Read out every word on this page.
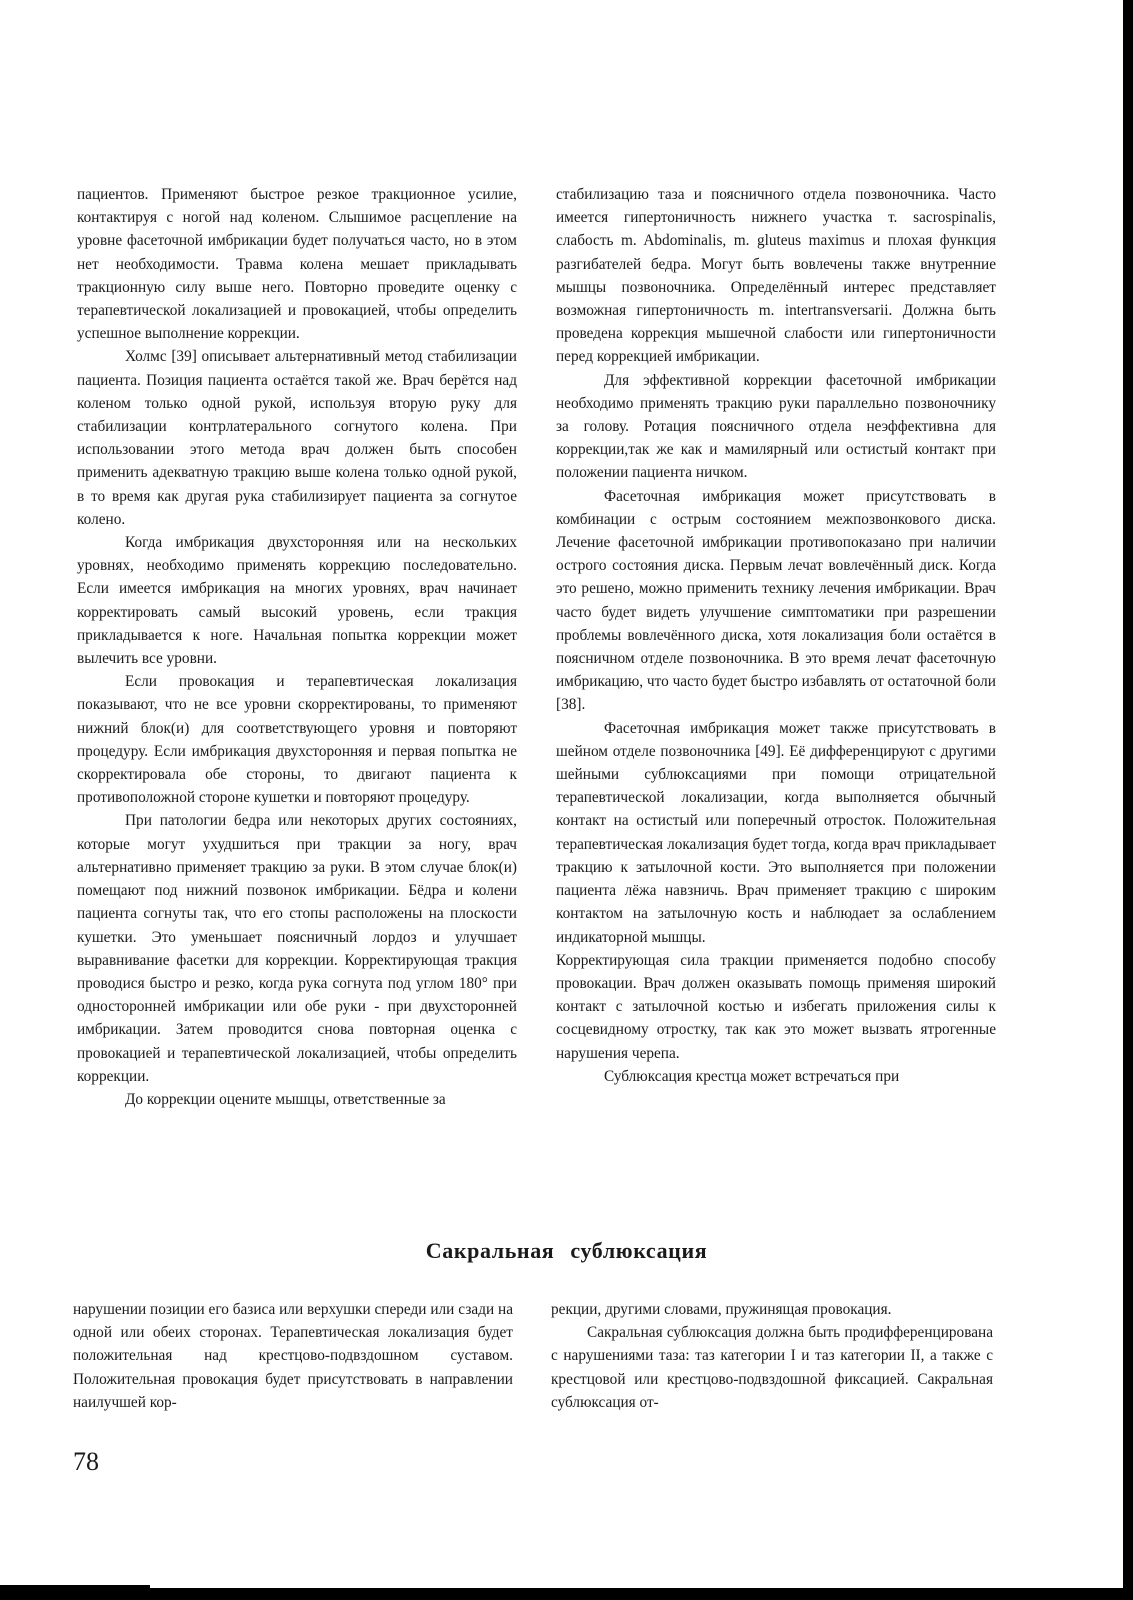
пациентов. Применяют быстрое резкое тракционное усилие, контактируя с ногой над коленом. Слышимое расцепление на уровне фасеточной имбрикации будет получаться часто, но в этом нет необходимости. Травма колена мешает прикладывать тракционную силу выше него. Повторно проведите оценку с терапевтической локализацией и провокацией, чтобы определить успешное выполнение коррекции.

Холмс [39] описывает альтернативный метод стабилизации пациента. Позиция пациента остаётся такой же. Врач берётся над коленом только одной рукой, используя вторую руку для стабилизации контрлатерального согнутого колена. При использовании этого метода врач должен быть способен применить адекватную тракцию выше колена только одной рукой, в то время как другая рука стабилизирует пациента за согнутое колено.

Когда имбрикация двухсторонняя или на нескольких уровнях, необходимо применять коррекцию последовательно. Если имеется имбрикация на многих уровнях, врач начинает корректировать самый высокий уровень, если тракция прикладывается к ноге. Начальная попытка коррекции может вылечить все уровни.

Если провокация и терапевтическая локализация показывают, что не все уровни скорректированы, то применяют нижний блок(и) для соответствующего уровня и повторяют процедуру. Если имбрикация двухсторонняя и первая попытка не скорректировала обе стороны, то двигают пациента к противоположной стороне кушетки и повторяют процедуру.

При патологии бедра или некоторых других состояниях, которые могут ухудшиться при тракции за ногу, врач альтернативно применяет тракцию за руки. В этом случае блок(и) помещают под нижний позвонок имбрикации. Бёдра и колени пациента согнуты так, что его стопы расположены на плоскости кушетки. Это уменьшает поясничный лордоз и улучшает выравнивание фасетки для коррекции. Корректирующая тракция проводися быстро и резко, когда рука согнута под углом 180° при односторонней имбрикации или обе руки - при двухсторонней имбрикации. Затем проводится снова повторная оценка с провокацией и терапевтической локализацией, чтобы определить коррекции.

До коррекции оцените мышцы, ответственные за

стабилизацию таза и поясничного отдела позвоночника. Часто имеется гипертоничность нижнего участка т. sacrospinalis, слабость m. Abdominalis, m. gluteus maximus и плохая функция разгибателей бедра. Могут быть вовлечены также внутренние мышцы позвоночника. Определённый интерес представляет возможная гипертоничность m. intertransversarii. Должна быть проведена коррекция мышечной слабости или гипертоничности перед коррекцией имбрикации.

Для эффективной коррекции фасеточной имбрикации необходимо применять тракцию руки параллельно позвоночнику за голову. Ротация поясничного отдела неэффективна для коррекции,так же как и мамилярный или остистый контакт при положении пациента ничком.

Фасеточная имбрикация может присутствовать в комбинации с острым состоянием межпозвонкового диска. Лечение фасеточной имбрикации противопоказано при наличии острого состояния диска. Первым лечат вовлечённый диск. Когда это решено, можно применить технику лечения имбрикации. Врач часто будет видеть улучшение симптоматики при разрешении проблемы вовлечённого диска, хотя локализация боли остаётся в поясничном отделе позвоночника. В это время лечат фасеточную имбрикацию, что часто будет быстро избавлять от остаточной боли [38].

Фасеточная имбрикация может также присутствовать в шейном отделе позвоночника [49]. Её дифференцируют с другими шейными сублюксациями при помощи отрицательной терапевтической локализации, когда выполняется обычный контакт на остистый или поперечный отросток. Положительная терапевтическая локализация будет тогда, когда врач прикладывает тракцию к затылочной кости. Это выполняется при положении пациента лёжа навзничь. Врач применяет тракцию с широким контактом на затылочную кость и наблюдает за ослаблением индикаторной мышцы.

Корректирующая сила тракции применяется подобно способу провокации. Врач должен оказывать помощь применяя широкий контакт с затылочной костью и избегать приложения силы к сосцевидному отростку, так как это может вызвать ятрогенные нарушения черепа.

Сублюксация крестца может встречаться при

Сакральная сублюксация

нарушении позиции его базиса или верхушки спереди или сзади на одной или обеих сторонах. Терапевтическая локализация будет положительная над крестцово-подвздошном суставом. Положительная провокация будет присутствовать в направлении наилучшей кор-

рекции, другими словами, пружинящая провокация.

Сакральная сублюксация должна быть продифференцирована с нарушениями таза: таз категории I и таз категории II, а также с крестцовой или крестцово-подвздошной фиксацией. Сакральная сублюксация от-

78
